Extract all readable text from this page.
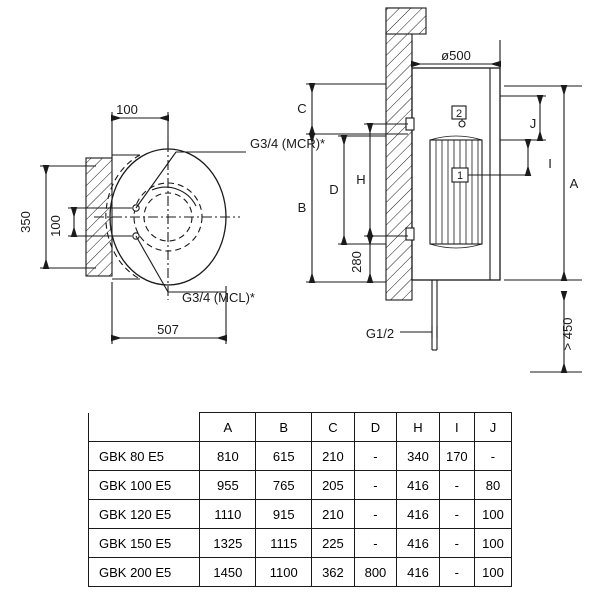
100
G3/4 (MCR)*
G3/4 (MCL)*
350 100
507
ø500
C
B
D
H
280
A
I
J
G1/2	> 450
1
2
	A	B	C	D	H	I	J
GBK 80 E5	810	615	210	-	340	170	-
GBK 100 E5	955	765	205	-	416	-	80
GBK 120 E5	1110	915	210	-	416	-	100
GBK 150 E5	1325	1115	225	-	416	-	100
GBK 200 E5	1450	1100	362	800	416	-	100
